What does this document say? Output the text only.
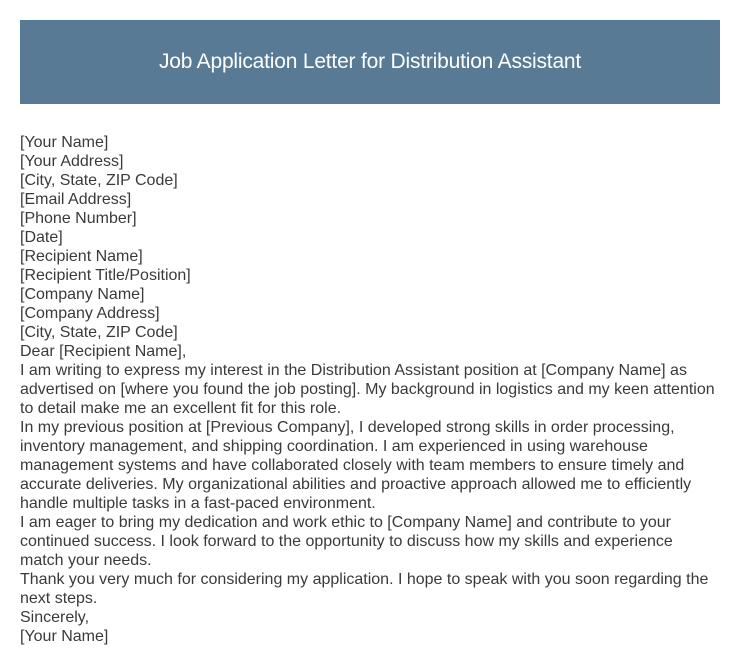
Job Application Letter for Distribution Assistant
[Your Name]
[Your Address]
[City, State, ZIP Code]
[Email Address]
[Phone Number]
[Date]
[Recipient Name]
[Recipient Title/Position]
[Company Name]
[Company Address]
[City, State, ZIP Code]
Dear [Recipient Name],
I am writing to express my interest in the Distribution Assistant position at [Company Name] as advertised on [where you found the job posting]. My background in logistics and my keen attention to detail make me an excellent fit for this role.
In my previous position at [Previous Company], I developed strong skills in order processing, inventory management, and shipping coordination. I am experienced in using warehouse management systems and have collaborated closely with team members to ensure timely and accurate deliveries. My organizational abilities and proactive approach allowed me to efficiently handle multiple tasks in a fast-paced environment.
I am eager to bring my dedication and work ethic to [Company Name] and contribute to your continued success. I look forward to the opportunity to discuss how my skills and experience match your needs.
Thank you very much for considering my application. I hope to speak with you soon regarding the next steps.
Sincerely,
[Your Name]
